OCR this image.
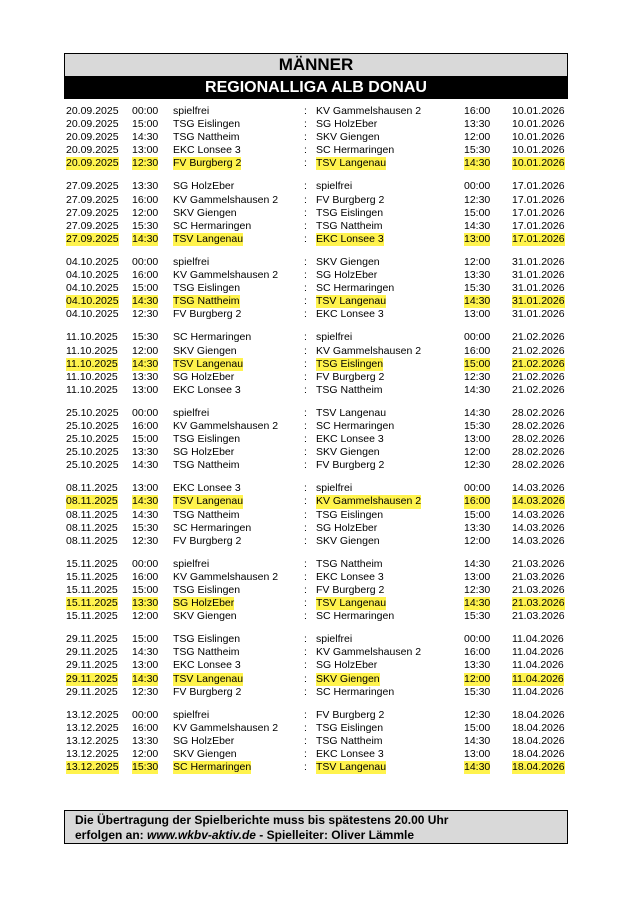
MÄNNER
REGIONALLIGA ALB DONAU
20.09.2025 00:00 spielfrei	: KV Gammelshausen 2	16:00 10.01.2026
20.09.2025 15:00 TSG Eislingen	: SG HolzEber	13:30 10.01.2026
20.09.2025 14:30 TSG Nattheim	: SKV Giengen	12:00 10.01.2026
20.09.2025 13:00 EKC Lonsee 3	: SC Hermaringen	15:30 10.01.2026
20.09.2025 12:30 FV Burgberg 2	: TSV Langenau	14:30 10.01.2026
27.09.2025 13:30 SG HolzEber	: spielfrei	00:00 17.01.2026
27.09.2025 16:00 KV Gammelshausen 2 : FV Burgberg 2	12:30 17.01.2026
27.09.2025 12:00 SKV Giengen	: TSG Eislingen	15:00 17.01.2026
27.09.2025 15:30 SC Hermaringen	: TSG Nattheim	14:30 17.01.2026
27.09.2025 14:30 TSV Langenau	: EKC Lonsee 3	13:00 17.01.2026
04.10.2025 00:00 spielfrei	: SKV Giengen	12:00 31.01.2026
04.10.2025 16:00 KV Gammelshausen 2 : SG HolzEber	13:30 31.01.2026
04.10.2025 15:00 TSG Eislingen	: SC Hermaringen	15:30 31.01.2026
04.10.2025 14:30 TSG Nattheim	: TSV Langenau	14:30 31.01.2026
04.10.2025 12:30 FV Burgberg 2	: EKC Lonsee 3	13:00 31.01.2026
11.10.2025 15:30 SC Hermaringen	: spielfrei	00:00 21.02.2026
11.10.2025 12:00 SKV Giengen	: KV Gammelshausen 2	16:00 21.02.2026
11.10.2025 14:30 TSV Langenau	: TSG Eislingen	15:00 21.02.2026
11.10.2025 13:30 SG HolzEber	: FV Burgberg 2	12:30 21.02.2026
11.10.2025 13:00 EKC Lonsee 3	: TSG Nattheim	14:30 21.02.2026
25.10.2025 00:00 spielfrei	: TSV Langenau	14:30 28.02.2026
25.10.2025 16:00 KV Gammelshausen 2 : SC Hermaringen	15:30 28.02.2026
25.10.2025 15:00 TSG Eislingen	: EKC Lonsee 3	13:00 28.02.2026
25.10.2025 13:30 SG HolzEber	: SKV Giengen	12:00 28.02.2026
25.10.2025 14:30 TSG Nattheim	: FV Burgberg 2	12:30 28.02.2026
08.11.2025 13:00 EKC Lonsee 3	: spielfrei	00:00 14.03.2026
08.11.2025 14:30 TSV Langenau	: KV Gammelshausen 2	16:00 14.03.2026
08.11.2025 14:30 TSG Nattheim	: TSG Eislingen	15:00 14.03.2026
08.11.2025 15:30 SC Hermaringen	: SG HolzEber	13:30 14.03.2026
08.11.2025 12:30 FV Burgberg 2	: SKV Giengen	12:00 14.03.2026
15.11.2025 00:00 spielfrei	: TSG Nattheim	14:30 21.03.2026
15.11.2025 16:00 KV Gammelshausen 2 : EKC Lonsee 3	13:00 21.03.2026
15.11.2025 15:00 TSG Eislingen	: FV Burgberg 2	12:30 21.03.2026
15.11.2025 13:30 SG HolzEber	: TSV Langenau	14:30 21.03.2026
15.11.2025 12:00 SKV Giengen	: SC Hermaringen	15:30 21.03.2026
29.11.2025 15:00 TSG Eislingen	: spielfrei	00:00 11.04.2026
29.11.2025 14:30 TSG Nattheim	: KV Gammelshausen 2	16:00 11.04.2026
29.11.2025 13:00 EKC Lonsee 3	: SG HolzEber	13:30 11.04.2026
29.11.2025 14:30 TSV Langenau	: SKV Giengen	12:00 11.04.2026
29.11.2025 12:30 FV Burgberg 2	: SC Hermaringen	15:30 11.04.2026
13.12.2025 00:00 spielfrei	: FV Burgberg 2	12:30 18.04.2026
13.12.2025 16:00 KV Gammelshausen 2 : TSG Eislingen	15:00 18.04.2026
13.12.2025 13:30 SG HolzEber	: TSG Nattheim	14:30 18.04.2026
13.12.2025 12:00 SKV Giengen	: EKC Lonsee 3	13:00 18.04.2026
13.12.2025 15:30 SC Hermaringen	: TSV Langenau	14:30 18.04.2026
Die Übertragung der Spielberichte muss bis spätestens 20.00 Uhr
erfolgen an: www.wkbv-aktiv.de - Spielleiter: Oliver Lämmle
